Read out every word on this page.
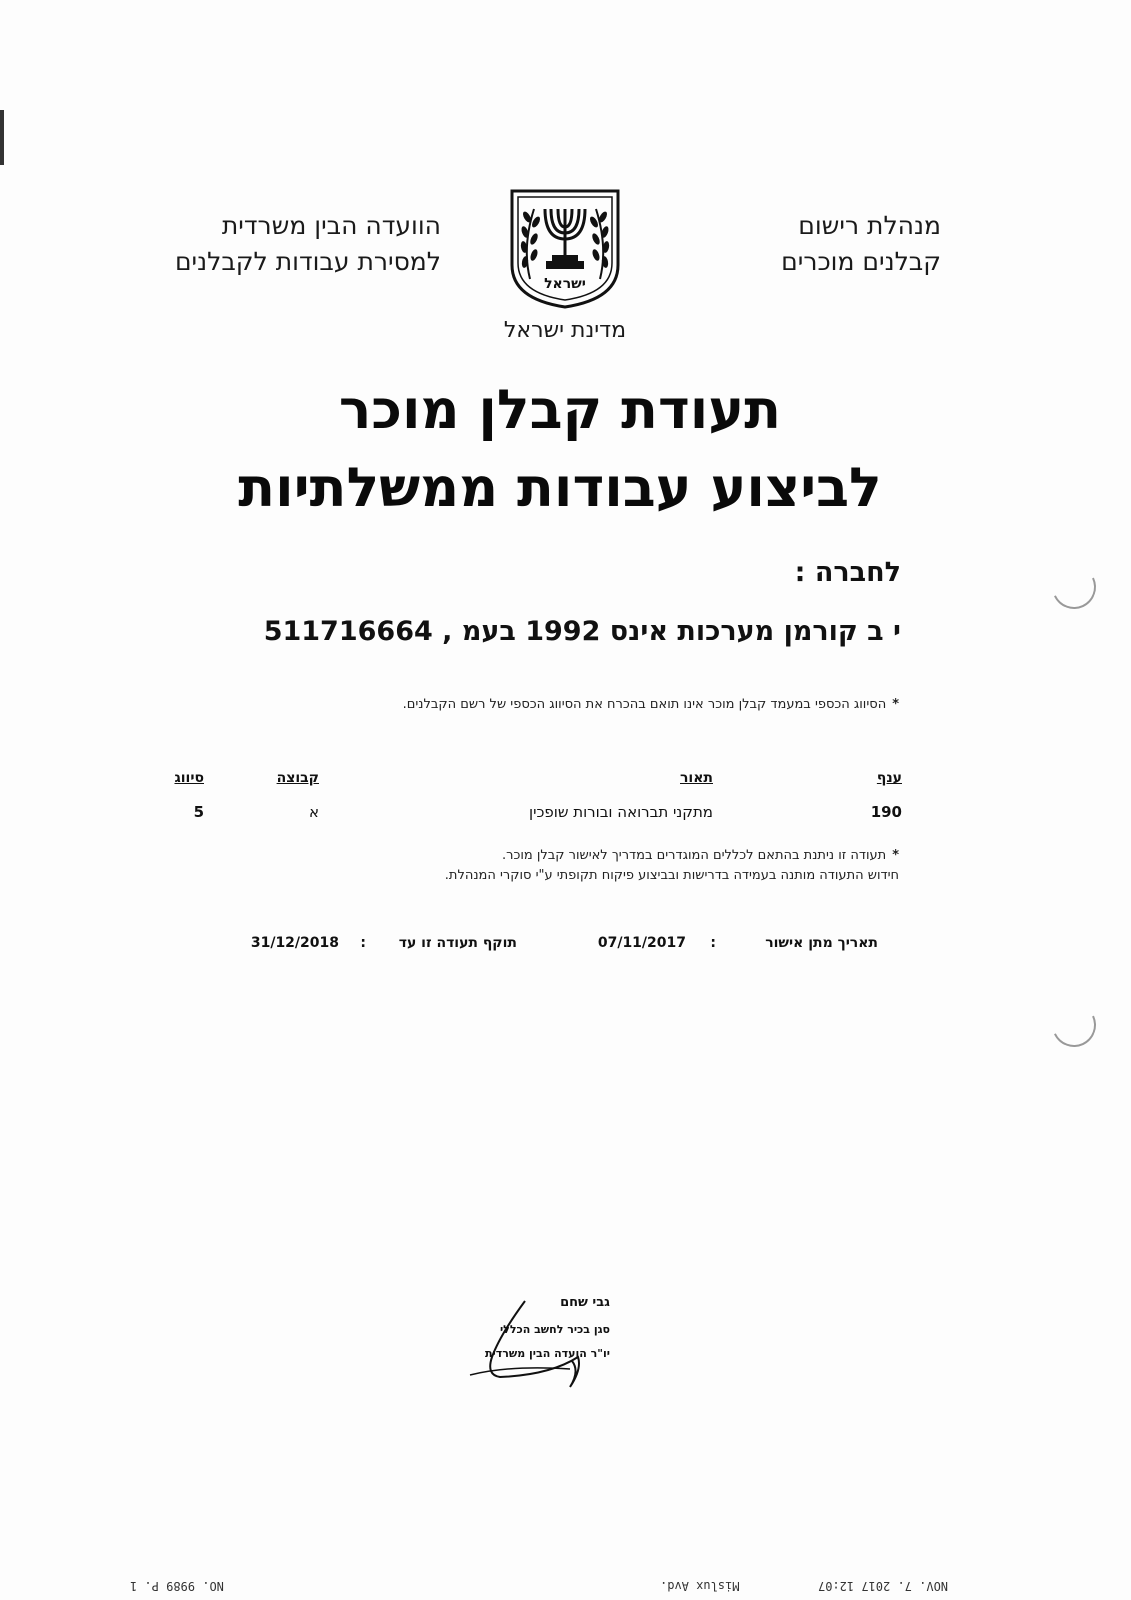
מנהלת רישום
קבלנים מוכרים
הוועדה הבין משרדית
למסירת עבודות לקבלנים
ישראל
מדינת ישראל
תעודת קבלן מוכר
לביצוע עבודות ממשלתיות
לחברה :
י ב קורמן מערכות אינס 1992 בעמ , 511716664
*הסיווג הכספי במעמד קבלן מוכר אינו תואם בהכרח את הסיווג הכספי של רשם הקבלנים.
ענף
תאור
קבוצה
סיווג
190
מתקני תברואה ובורות שופכין
א
5
*תעודה זו ניתנת בהתאם לכללים המוגדרים במדריך לאישור קבלן מוכר.
חידוש התעודה מותנה בעמידה בדרישות ובביצוע פיקוח תקופתי ע"י סוקרי המנהלת.
תאריך מתן אישור
:
07/11/2017
תוקף תעודה זו עד
:
31/12/2018
גבי שחם
סגן בכיר לחשב הכללי
יו"ר הועדה הבין משרדית
NOV. 7. 2017 12:07
Mislux Avd.
NO. 9989 P. 1
